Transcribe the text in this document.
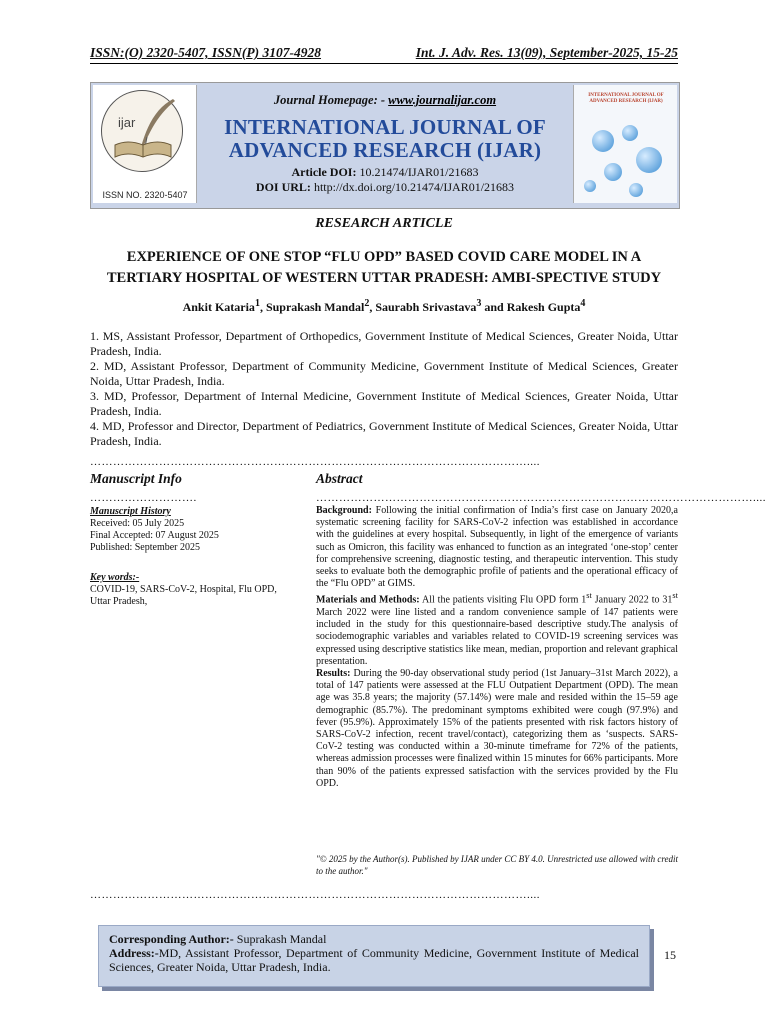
ISSN:(O) 2320-5407, ISSN(P) 3107-4928	Int. J. Adv. Res. 13(09), September-2025, 15-25
ijar
ISSN NO. 2320-5407
Journal Homepage: - www.journalijar.com
INTERNATIONAL JOURNAL OF
ADVANCED RESEARCH (IJAR)
Article DOI: 10.21474/IJAR01/21683
DOI URL: http://dx.doi.org/10.21474/IJAR01/21683
INTERNATIONAL JOURNAL OF ADVANCED RESEARCH (IJAR)
RESEARCH ARTICLE
EXPERIENCE OF ONE STOP “FLU OPD” BASED COVID CARE MODEL IN A
TERTIARY HOSPITAL OF WESTERN UTTAR PRADESH: AMBI-SPECTIVE STUDY
Ankit Kataria$^1$, Suprakash Mandal$^2$, Saurabh Srivastava$^3$ and Rakesh Gupta$^4$
1. MS, Assistant Professor, Department of Orthopedics, Government Institute of Medical Sciences, Greater Noida, Uttar Pradesh, India.
2. MD, Assistant Professor, Department of Community Medicine, Government Institute of Medical Sciences, Greater Noida, Uttar Pradesh, India.
3. MD, Professor, Department of Internal Medicine, Government Institute of Medical Sciences, Greater Noida, Uttar Pradesh, India.
4. MD, Professor and Director, Department of Pediatrics, Government Institute of Medical Sciences, Greater Noida, Uttar Pradesh, India.
……………………………………………………………………………………………………....
Manuscript Info	Abstract
……………………….	……………………………………………………………………………………………………....
Manuscript History
Received: 05 July 2025
Final Accepted: 07 August 2025
Published: September 2025
Key words:-
COVID-19, SARS-CoV-2, Hospital, Flu OPD, Uttar Pradesh,

Background: Following the initial confirmation of India’s first case on January 2020,a systematic screening facility for SARS-CoV-2 infection was established in accordance with the guidelines at every hospital. Subsequently, in light of the emergence of variants such as Omicron, this facility was enhanced to function as an integrated ‘one-stop’ center for comprehensive screening, diagnostic testing, and therapeutic intervention. This study seeks to evaluate both the demographic profile of patients and the operational efficacy of the “Flu OPD” at GIMS.

Materials and Methods: All the patients visiting Flu OPD form 1st January 2022 to 31st March 2022 were line listed and a random convenience sample of 147 patients were included in the study for this questionnaire-based descriptive study.The analysis of sociodemographic variables and variables related to COVID-19 screening services was expressed using descriptive statistics like mean, median, proportion and relevant graphical presentation.

Results: During the 90-day observational study period (1st January–31st March 2022), a total of 147 patients were assessed at the FLU Outpatient Department (OPD). The mean age was 35.8 years; the majority (57.14%) were male and resided within the 15–59 age demographic (85.7%). The predominant symptoms exhibited were cough (97.9%) and fever (95.9%). Approximately 15% of the patients presented with risk factors history of SARS-CoV-2 infection, recent travel/contact), categorizing them as ‘suspects. SARS-CoV-2 testing was conducted within a 30-minute timeframe for 72% of the patients, whereas admission processes were finalized within 15 minutes for 66% participants. More than 90% of the patients expressed satisfaction with the services provided by the Flu OPD.

"© 2025 by the Author(s). Published by IJAR under CC BY 4.0. Unrestricted use allowed with credit to the author."
……………………………………………………………………………………………………....
Corresponding Author:- Suprakash Mandal
Address:-MD, Assistant Professor, Department of Community Medicine, Government Institute of Medical Sciences, Greater Noida, Uttar Pradesh, India.
15
